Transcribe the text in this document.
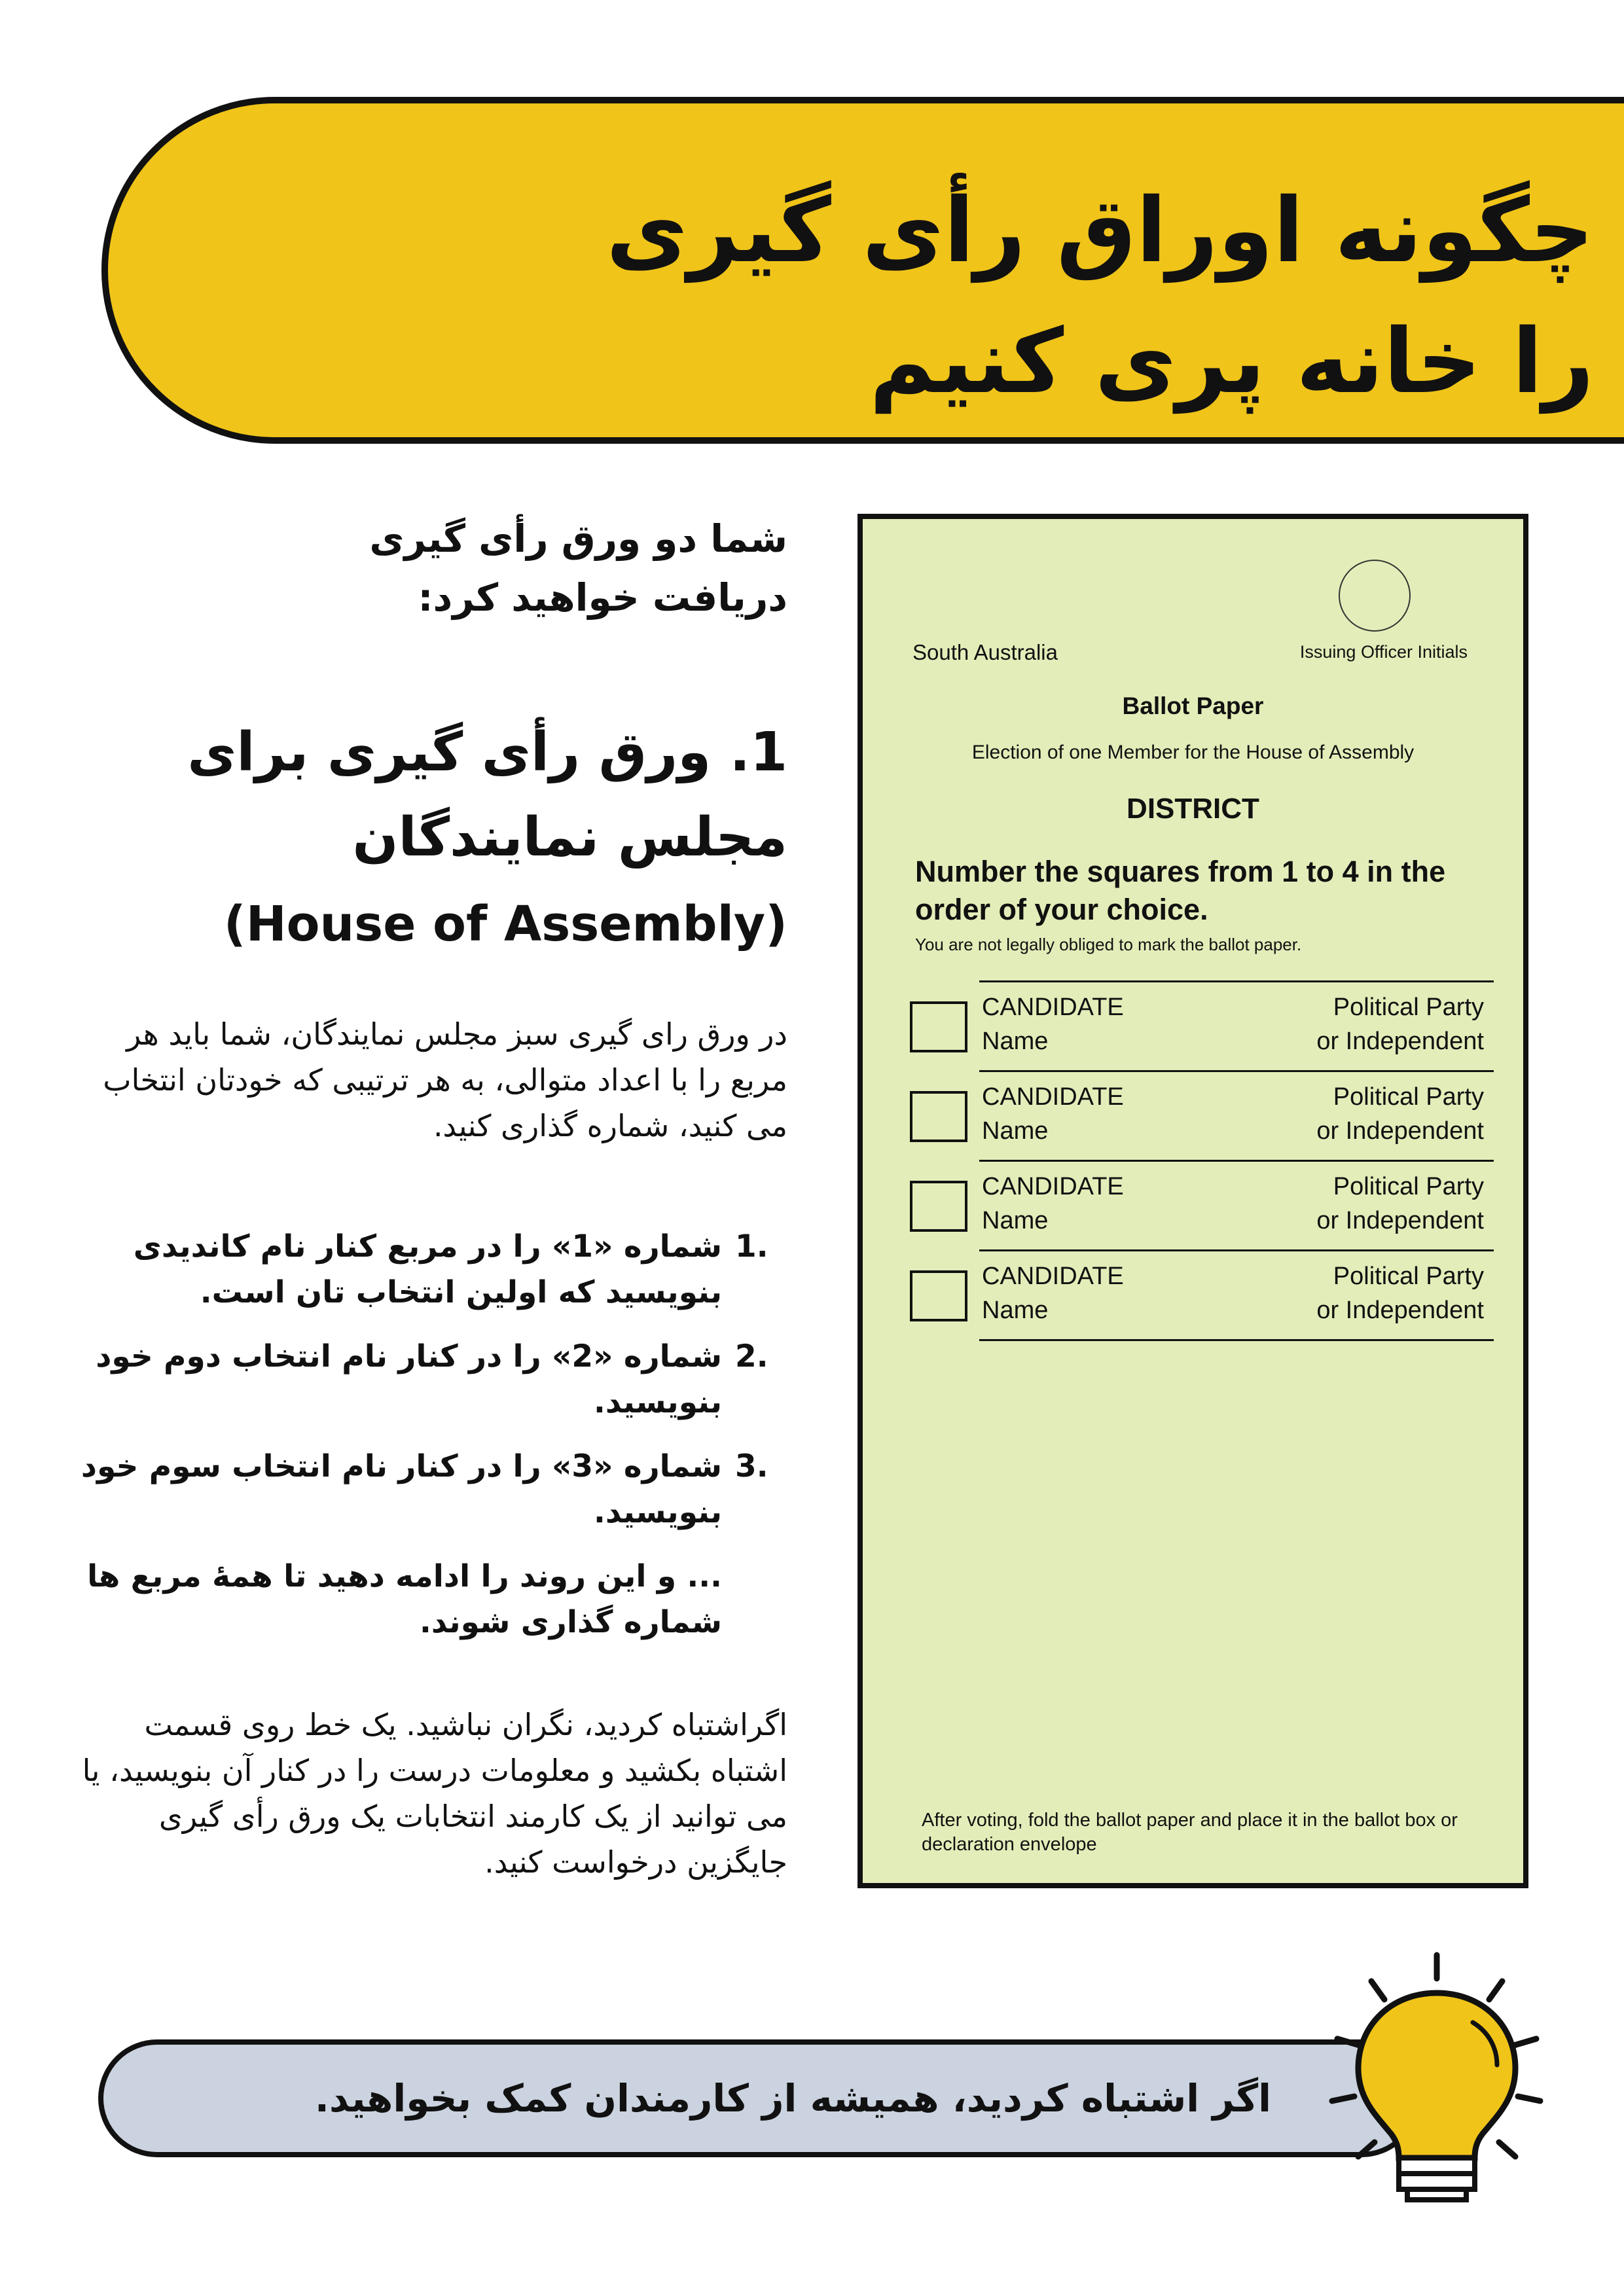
چگونه اوراق رأی گیری
را خانه پری کنیم

شما دو ورق رأی گیری
دریافت خواهید کرد:

1. ورق رأی گیری برای
مجلس نمایندگان
(House of Assembly)

در ورق رای گیری سبز مجلس نمایندگان، شما باید هر مربع را با اعداد متوالی، به هر ترتیبی که خودتان انتخاب می کنید، شماره گذاری کنید.

1.
شماره «1» را در مربع کنار نام کاندیدی بنویسید که اولین انتخاب تان است.
2.
شماره «2» را در کنار نام انتخاب دوم خود بنویسید.
3.
شماره «3» را در کنار نام انتخاب سوم خود بنویسید.
... و این روند را ادامه دهید تا همهٔ مربع ها شماره گذاری شوند.

اگراشتباه کردید، نگران نباشید. یک خط روی قسمت اشتباه بکشید و معلومات درست را در کنار آن بنویسید، یا می توانید از یک کارمند انتخابات یک ورق رأی گیری جایگزین درخواست کنید.

South Australia	Issuing Officer Initials
Ballot Paper
Election of one Member for the House of Assembly
DISTRICT
Number the squares from 1 to 4 in the order of your choice.
You are not legally obliged to mark the ballot paper.
CANDIDATE
Name
Political Party
or Independent
CANDIDATE
Name
Political Party
or Independent
CANDIDATE
Name
Political Party
or Independent
CANDIDATE
Name
Political Party
or Independent
After voting, fold the ballot paper and place it in the ballot box or declaration envelope

اگر اشتباه کردید، همیشه از کارمندان کمک بخواهید.
